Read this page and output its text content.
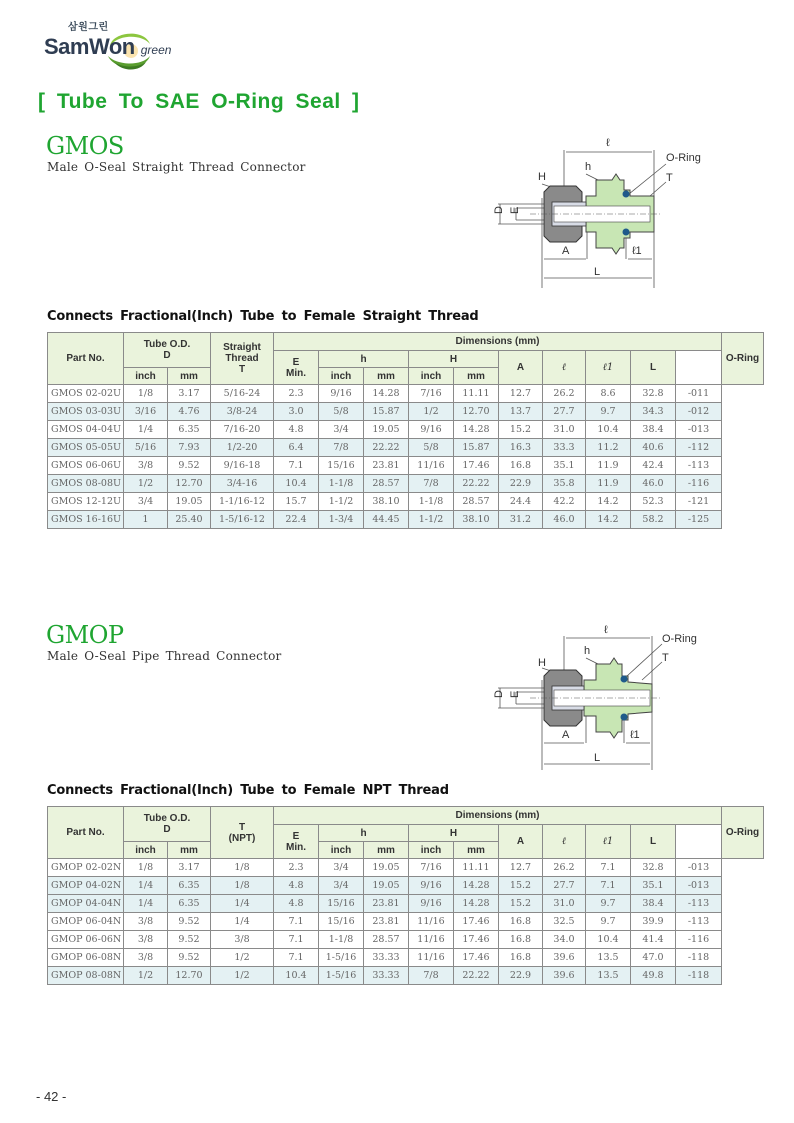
삼원그린
SamWon green
[ Tube To SAE O-Ring Seal ]
GMOS
Male O-Seal Straight Thread Connector
ℓ
h
O-Ring
T
H
D E
A	ℓ1
L
Connects Fractional(Inch) Tube to Female Straight Thread
Part No.	Tube O.D.
D		Straight
Thread
T	Dimensions (mm)										O-Ring
				E
Min.	h		H		A	ℓ	ℓ1	L		
	inch	mm			inch	mm	inch	mm						
GMOS 02-02U	1/8	3.17	5/16-24	2.3	9/16	14.28	7/16	11.11	12.7	26.2	8.6	32.8	-011	
GMOS 03-03U	3/16	4.76	3/8-24	3.0	5/8	15.87	1/2	12.70	13.7	27.7	9.7	34.3	-012	
GMOS 04-04U	1/4	6.35	7/16-20	4.8	3/4	19.05	9/16	14.28	15.2	31.0	10.4	38.4	-013	
GMOS 05-05U	5/16	7.93	1/2-20	6.4	7/8	22.22	5/8	15.87	16.3	33.3	11.2	40.6	-112	
GMOS 06-06U	3/8	9.52	9/16-18	7.1	15/16	23.81	11/16	17.46	16.8	35.1	11.9	42.4	-113	
GMOS 08-08U	1/2	12.70	3/4-16	10.4	1-1/8	28.57	7/8	22.22	22.9	35.8	11.9	46.0	-116	
GMOS 12-12U	3/4	19.05	1-1/16-12	15.7	1-1/2	38.10	1-1/8	28.57	24.4	42.2	14.2	52.3	-121	
GMOS 16-16U	1	25.40	1-5/16-12	22.4	1-3/4	44.45	1-1/2	38.10	31.2	46.0	14.2	58.2	-125	
GMOP
Male O-Seal Pipe Thread Connector
ℓ
h
O-Ring
T
H
D E
A	ℓ1
L
Connects Fractional(Inch) Tube to Female NPT Thread
Part No.	Tube O.D.
D		T
(NPT)	Dimensions (mm)										O-Ring
				E
Min.	h		H		A	ℓ	ℓ1	L		
	inch	mm			inch	mm	inch	mm						
GMOP 02-02N	1/8	3.17	1/8	2.3	3/4	19.05	7/16	11.11	12.7	26.2	7.1	32.8	-013	
GMOP 04-02N	1/4	6.35	1/8	4.8	3/4	19.05	9/16	14.28	15.2	27.7	7.1	35.1	-013	
GMOP 04-04N	1/4	6.35	1/4	4.8	15/16	23.81	9/16	14.28	15.2	31.0	9.7	38.4	-113	
GMOP 06-04N	3/8	9.52	1/4	7.1	15/16	23.81	11/16	17.46	16.8	32.5	9.7	39.9	-113	
GMOP 06-06N	3/8	9.52	3/8	7.1	1-1/8	28.57	11/16	17.46	16.8	34.0	10.4	41.4	-116	
GMOP 06-08N	3/8	9.52	1/2	7.1	1-5/16	33.33	11/16	17.46	16.8	39.6	13.5	47.0	-118	
GMOP 08-08N	1/2	12.70	1/2	10.4	1-5/16	33.33	7/8	22.22	22.9	39.6	13.5	49.8	-118	
- 42 -
